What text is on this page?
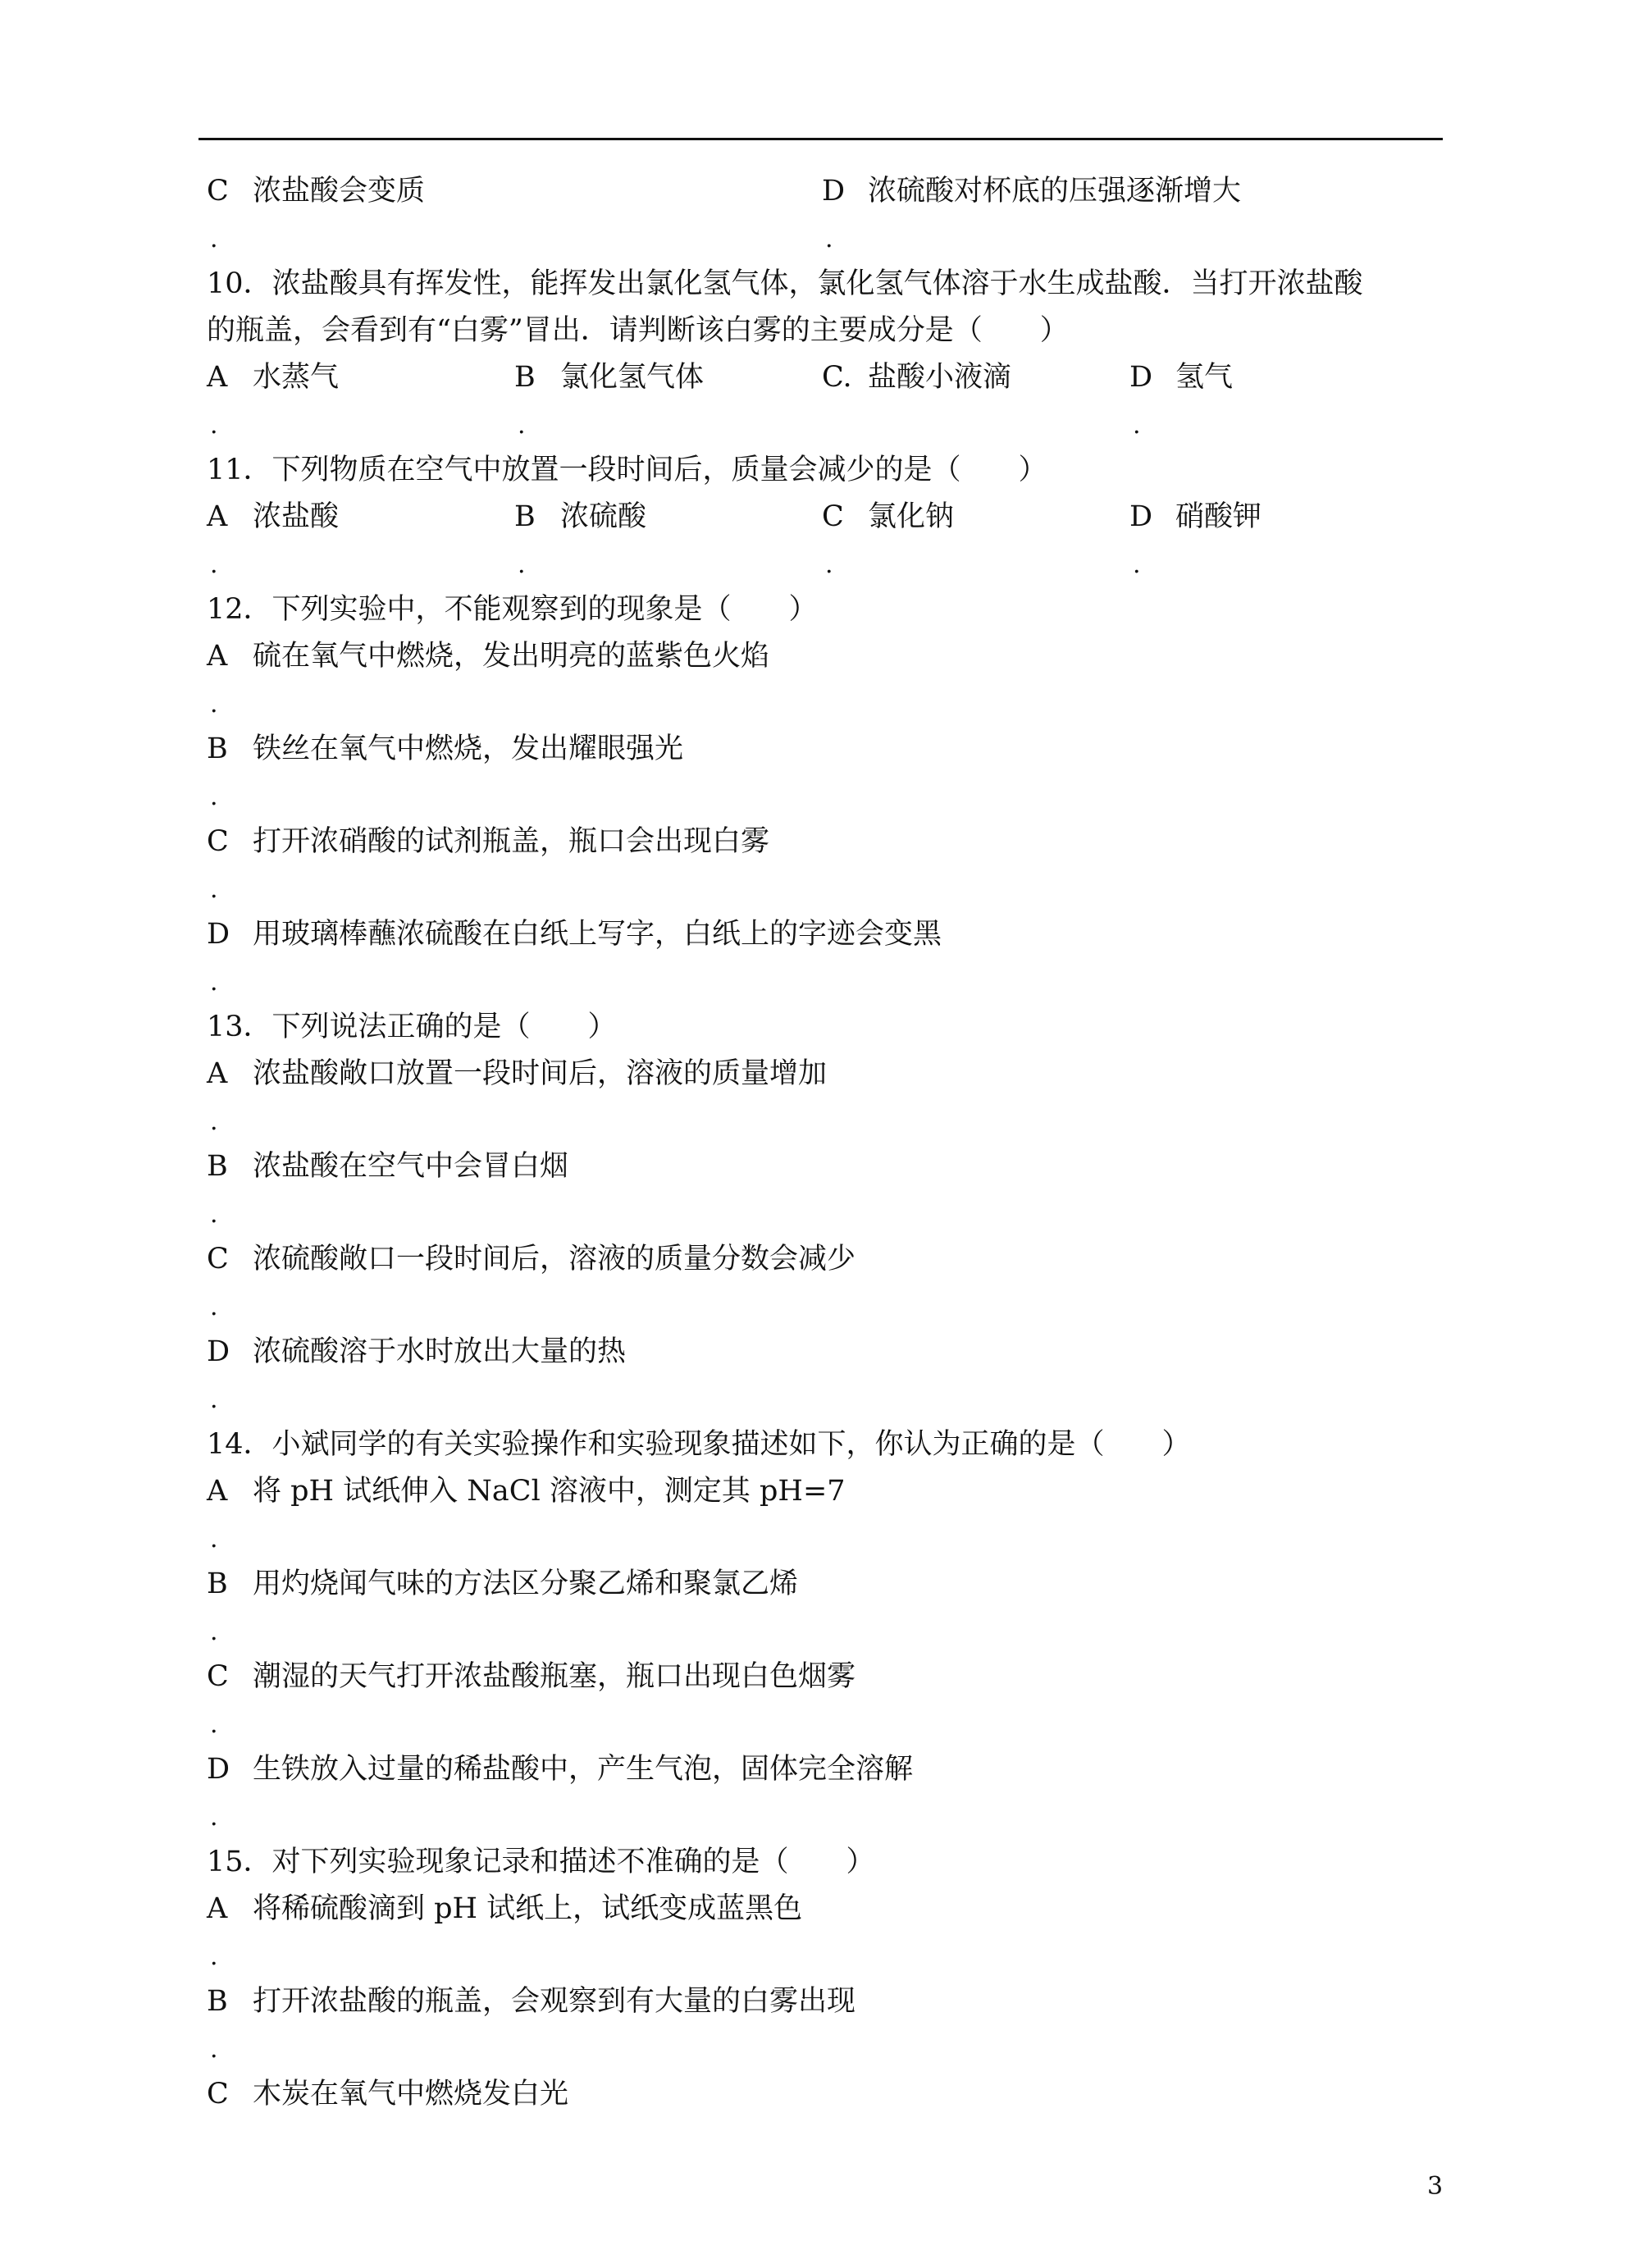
C 浓盐酸会变质	D 浓硫酸对杯底的压强逐渐增大
.	.
10．浓盐酸具有挥发性，能挥发出氯化氢气体，氯化氢气体溶于水生成盐酸．当打开浓盐酸
的瓶盖，会看到有“白雾”冒出．请判断该白雾的主要成分是（　　）
A 水蒸气	B 氯化氢气体	C. 盐酸小液滴	D 氢气
.	.	.
11．下列物质在空气中放置一段时间后，质量会减少的是（　　）
A 浓盐酸	B 浓硫酸	C 氯化钠	D 硝酸钾
.	.	.	.
12．下列实验中，不能观察到的现象是（　　）
A 硫在氧气中燃烧，发出明亮的蓝紫色火焰
.
B 铁丝在氧气中燃烧，发出耀眼强光
.
C 打开浓硝酸的试剂瓶盖，瓶口会出现白雾
.
D 用玻璃棒蘸浓硫酸在白纸上写字，白纸上的字迹会变黑
.
13．下列说法正确的是（　　）
A 浓盐酸敞口放置一段时间后，溶液的质量增加
.
B 浓盐酸在空气中会冒白烟
.
C 浓硫酸敞口一段时间后，溶液的质量分数会减少
.
D 浓硫酸溶于水时放出大量的热
.
14．小斌同学的有关实验操作和实验现象描述如下，你认为正确的是（　　）
A 将 pH 试纸伸入 NaCl 溶液中，测定其 pH=7
.
B 用灼烧闻气味的方法区分聚乙烯和聚氯乙烯
.
C 潮湿的天气打开浓盐酸瓶塞，瓶口出现白色烟雾
.
D 生铁放入过量的稀盐酸中，产生气泡，固体完全溶解
.
15．对下列实验现象记录和描述不准确的是（　　）
A 将稀硫酸滴到 pH 试纸上，试纸变成蓝黑色
.
B 打开浓盐酸的瓶盖，会观察到有大量的白雾出现
.
C 木炭在氧气中燃烧发白光
3
